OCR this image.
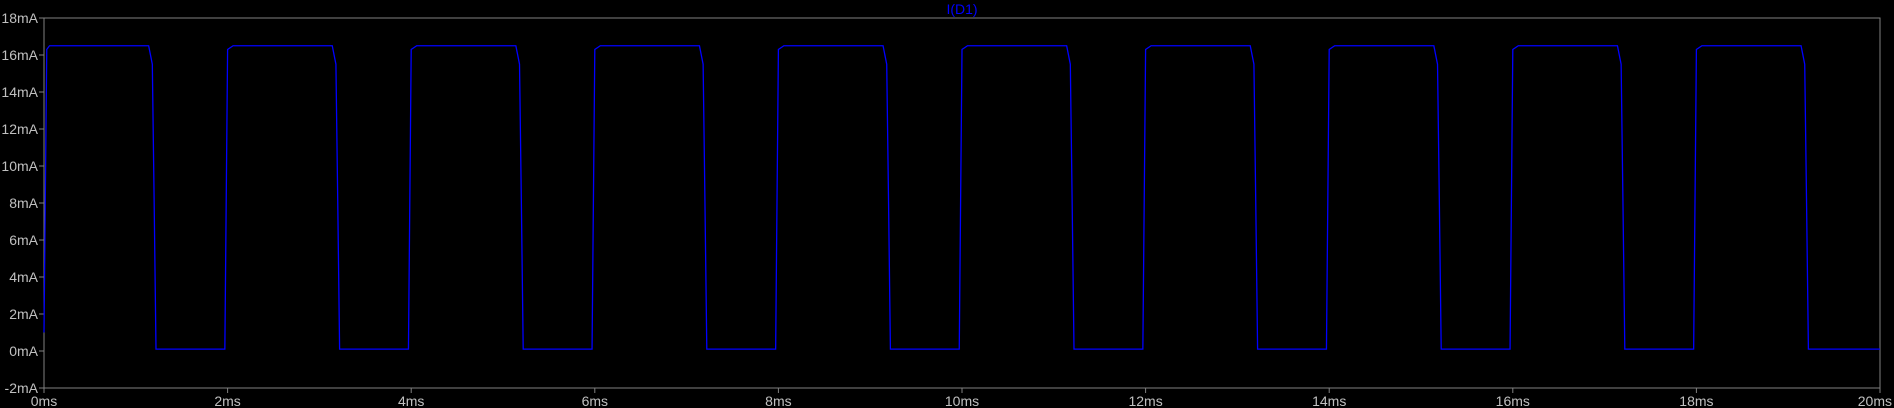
-2mA
0mA
2mA
4mA
6mA
8mA
10mA
12mA
14mA
16mA
18mA
0ms	2ms	4ms	6ms	8ms	10ms	12ms	14ms	16ms	18ms	20ms
I(D1)
